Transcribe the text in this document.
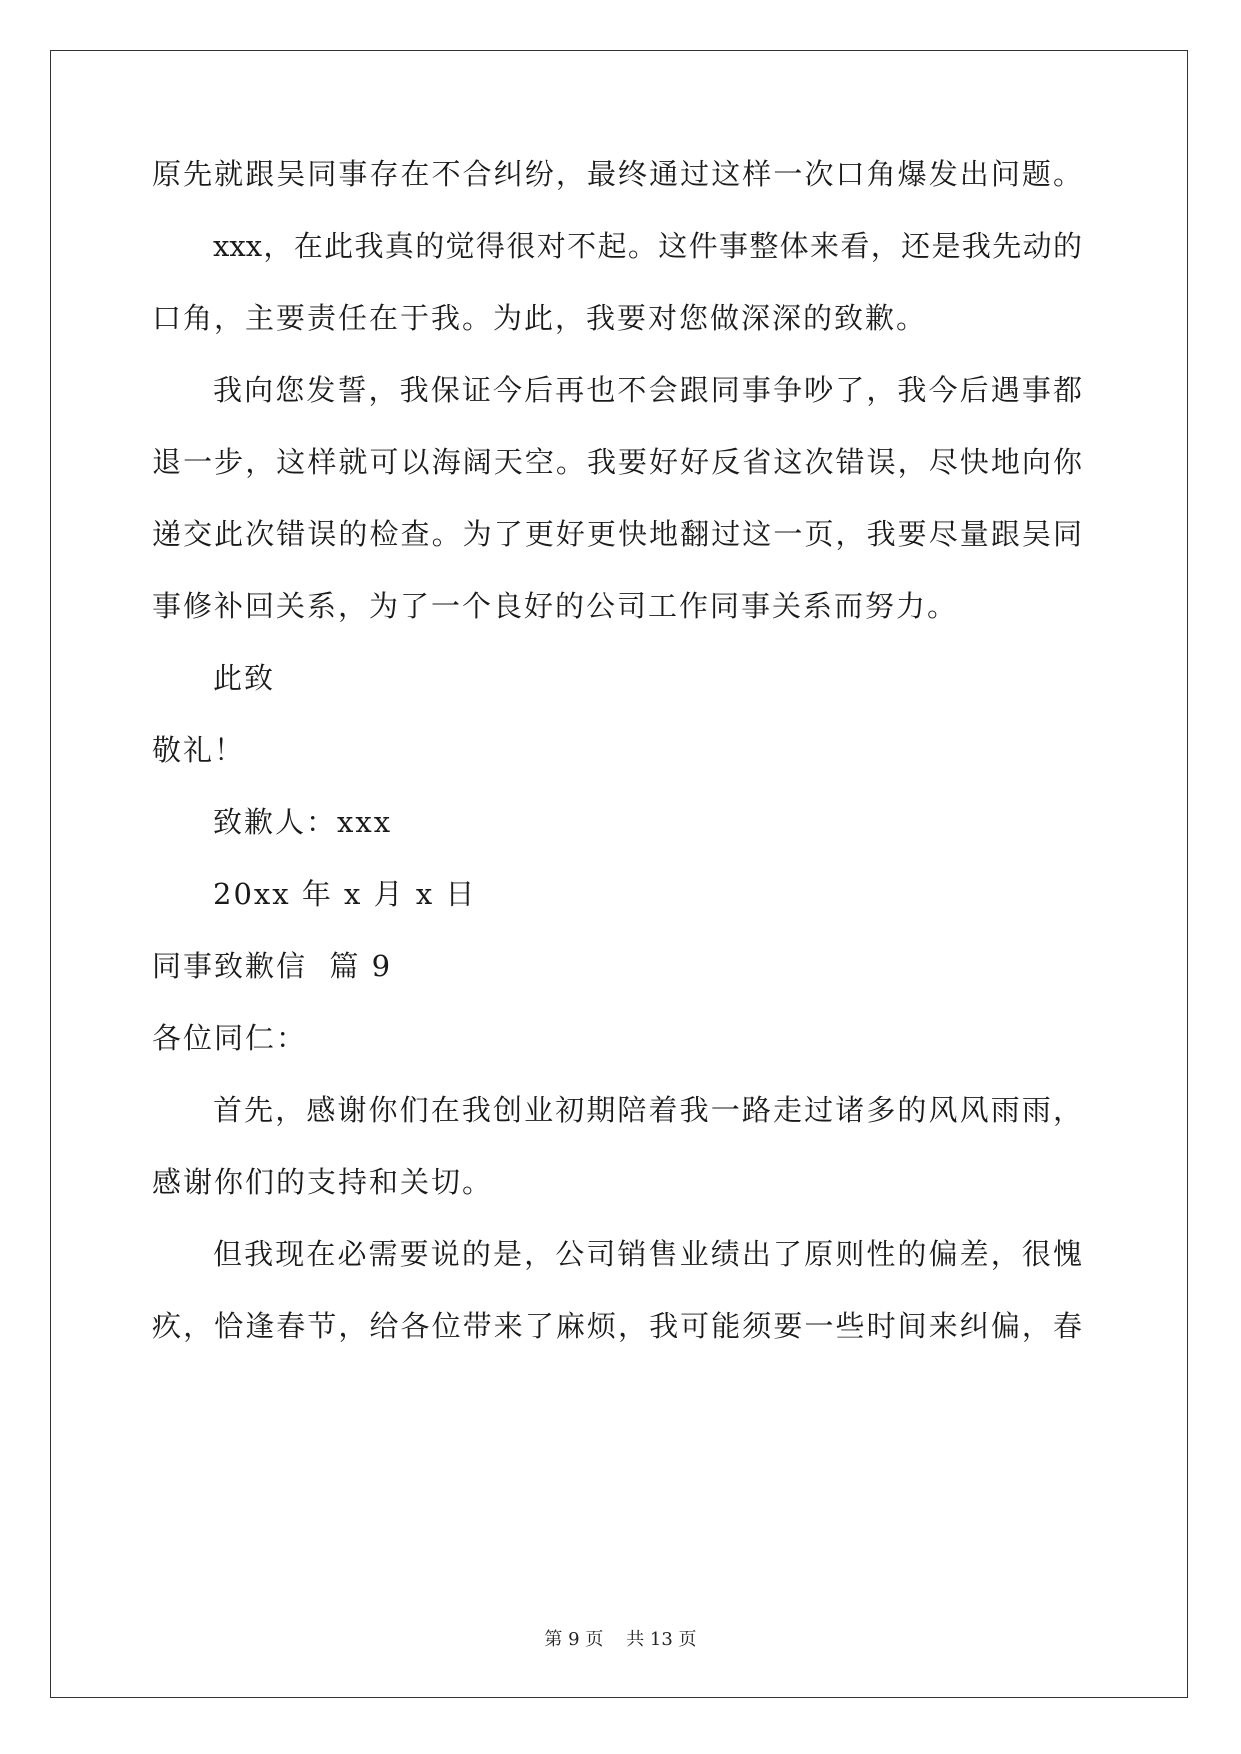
原先就跟吴同事存在不合纠纷，最终通过这样一次口角爆发出问题。
xxx，在此我真的觉得很对不起。这件事整体来看，还是我先动的
口角，主要责任在于我。为此，我要对您做深深的致歉。
我向您发誓，我保证今后再也不会跟同事争吵了，我今后遇事都
退一步，这样就可以海阔天空。我要好好反省这次错误，尽快地向你
递交此次错误的检查。为了更好更快地翻过这一页，我要尽量跟吴同
事修补回关系，为了一个良好的公司工作同事关系而努力。
此致
敬礼！
致歉人：xxx
20xx 年 x 月 x 日
同事致歉信  篇 9
各位同仁：
首先，感谢你们在我创业初期陪着我一路走过诸多的风风雨雨，
感谢你们的支持和关切。
但我现在必需要说的是，公司销售业绩出了原则性的偏差，很愧
疚，恰逢春节，给各位带来了麻烦，我可能须要一些时间来纠偏，春
第 9 页    共 13 页
